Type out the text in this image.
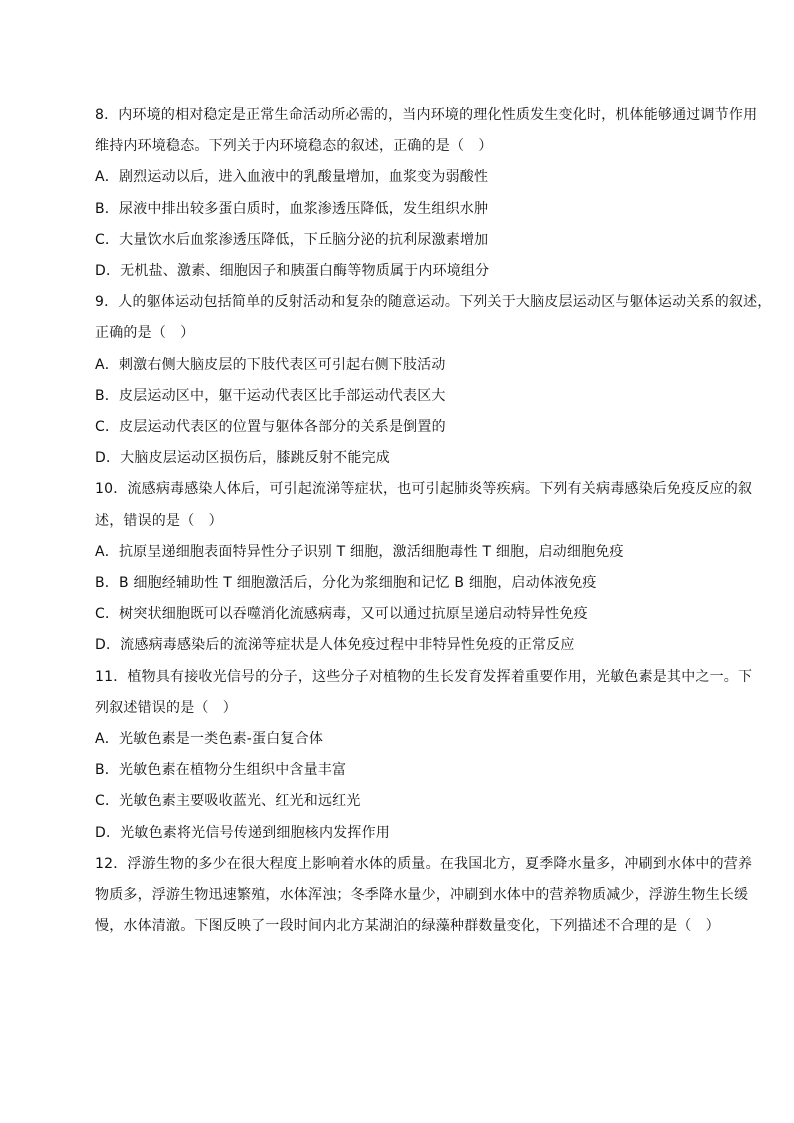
8．内环境的相对稳定是正常生命活动所必需的，当内环境的理化性质发生变化时，机体能够通过调节作用
维持内环境稳态。下列关于内环境稳态的叙述，正确的是（　）
A．剧烈运动以后，进入血液中的乳酸量增加，血浆变为弱酸性
B．尿液中排出较多蛋白质时，血浆渗透压降低，发生组织水肿
C．大量饮水后血浆渗透压降低，下丘脑分泌的抗利尿激素增加
D．无机盐、激素、细胞因子和胰蛋白酶等物质属于内环境组分
9．人的躯体运动包括简单的反射活动和复杂的随意运动。下列关于大脑皮层运动区与躯体运动关系的叙述，
正确的是（　）
A．刺激右侧大脑皮层的下肢代表区可引起右侧下肢活动
B．皮层运动区中，躯干运动代表区比手部运动代表区大
C．皮层运动代表区的位置与躯体各部分的关系是倒置的
D．大脑皮层运动区损伤后，膝跳反射不能完成
10．流感病毒感染人体后，可引起流涕等症状，也可引起肺炎等疾病。下列有关病毒感染后免疫反应的叙
述，错误的是（　）
A．抗原呈递细胞表面特异性分子识别 T 细胞，激活细胞毒性 T 细胞，启动细胞免疫
B．B 细胞经辅助性 T 细胞激活后，分化为浆细胞和记忆 B 细胞，启动体液免疫
C．树突状细胞既可以吞噬消化流感病毒，又可以通过抗原呈递启动特异性免疫
D．流感病毒感染后的流涕等症状是人体免疫过程中非特异性免疫的正常反应
11．植物具有接收光信号的分子，这些分子对植物的生长发育发挥着重要作用，光敏色素是其中之一。下
列叙述错误的是（　）
A．光敏色素是一类色素-蛋白复合体
B．光敏色素在植物分生组织中含量丰富
C．光敏色素主要吸收蓝光、红光和远红光
D．光敏色素将光信号传递到细胞核内发挥作用
12．浮游生物的多少在很大程度上影响着水体的质量。在我国北方，夏季降水量多，冲刷到水体中的营养
物质多，浮游生物迅速繁殖，水体浑浊；冬季降水量少，冲刷到水体中的营养物质减少，浮游生物生长缓
慢，水体清澈。下图反映了一段时间内北方某湖泊的绿藻种群数量变化，下列描述不合理的是（　）
